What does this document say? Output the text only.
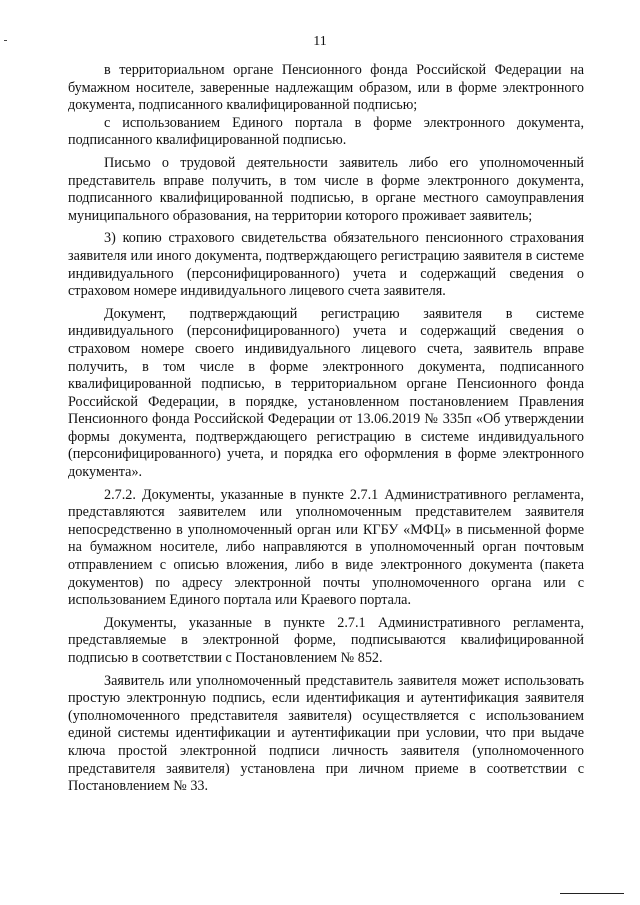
11

в территориальном органе Пенсионного фонда Российской Федерации на бумажном носителе, заверенные надлежащим образом, или в форме электронного документа, подписанного квалифицированной подписью;

с использованием Единого портала в форме электронного документа, подписанного квалифицированной подписью.

Письмо о трудовой деятельности заявитель либо его уполномоченный представитель вправе получить, в том числе в форме электронного документа, подписанного квалифицированной подписью, в органе местного самоуправления муниципального образования, на территории которого проживает заявитель;

3) копию страхового свидетельства обязательного пенсионного страхования заявителя или иного документа, подтверждающего регистрацию заявителя в системе индивидуального (персонифицированного) учета и содержащий сведения о страховом номере индивидуального лицевого счета заявителя.

Документ, подтверждающий регистрацию заявителя в системе индивидуального (персонифицированного) учета и содержащий сведения о страховом номере своего индивидуального лицевого счета, заявитель вправе получить, в том числе в форме электронного документа, подписанного квалифицированной подписью, в территориальном органе Пенсионного фонда Российской Федерации, в порядке, установленном постановлением Правления Пенсионного фонда Российской Федерации от 13.06.2019 № 335п «Об утверждении формы документа, подтверждающего регистрацию в системе индивидуального (персонифицированного) учета, и порядка его оформления в форме электронного документа».

2.7.2. Документы, указанные в пункте 2.7.1 Административного регламента, представляются заявителем или уполномоченным представителем заявителя непосредственно в уполномоченный орган или КГБУ «МФЦ» в письменной форме на бумажном носителе, либо направляются в уполномоченный орган почтовым отправлением с описью вложения, либо в виде электронного документа (пакета документов) по адресу электронной почты уполномоченного органа или с использованием Единого портала или Краевого портала.

Документы, указанные в пункте 2.7.1 Административного регламента, представляемые в электронной форме, подписываются квалифицированной подписью в соответствии с Постановлением № 852.

Заявитель или уполномоченный представитель заявителя может использовать простую электронную подпись, если идентификация и аутентификация заявителя (уполномоченного представителя заявителя) осуществляется с использованием единой системы идентификации и аутентификации при условии, что при выдаче ключа простой электронной подписи личность заявителя (уполномоченного представителя заявителя) установлена при личном приеме в соответствии с Постановлением № 33.
